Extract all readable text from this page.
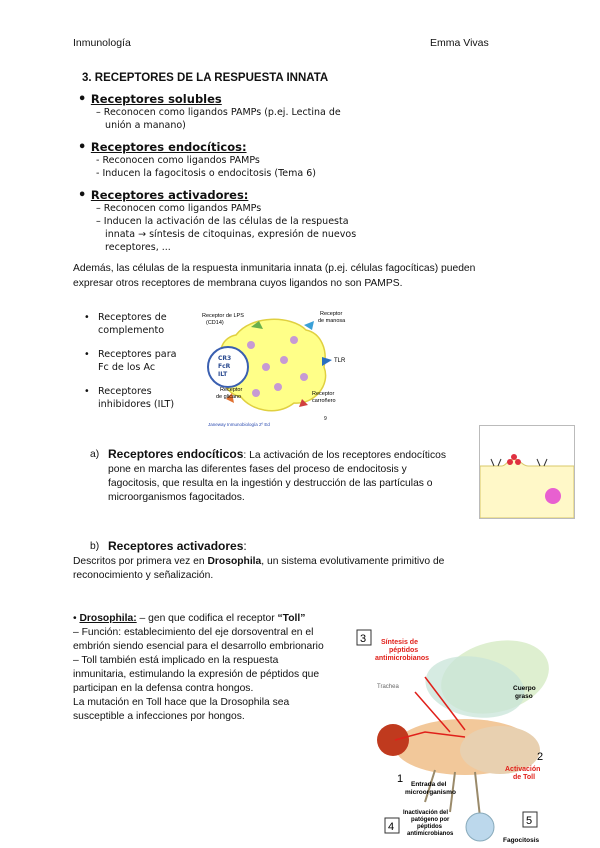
Inmunología	Emma Vivas
3. RECEPTORES DE LA RESPUESTA INNATA
• Receptores solubles
– Reconocen como ligandos PAMPs (p.ej. Lectina de
unión a manano)
• Receptores endocíticos:
- Reconocen como ligandos PAMPs
- Inducen la fagocitosis o endocitosis (Tema 6)
• Receptores activadores:
– Reconocen como ligandos PAMPs
– Inducen la activación de las células de la respuesta
innata → síntesis de citoquinas, expresión de nuevos
receptores, ...
Además, las células de la respuesta inmunitaria innata (p.ej. células fagocíticas) pueden
expresar otros receptores de membrana cuyos ligandos no son PAMPS.
• Receptores de
complemento
• Receptores para
Fc de los Ac
• Receptores
inhibidores (ILT)
Receptor de LPS
(CD14)
Receptor
de manosa
TLR
CR3
FcR
ILT
Receptor
de glicano	Receptor
carroñero
Janeway Inmunobiología 2º Ed
9
a) Receptores endocíticos: La activación de los receptores endocíticos
pone en marcha las diferentes fases del proceso de endocitosis y
fagocitosis, que resulta en la ingestión y destrucción de las partículas o
microorganismos fagocitados.
b) Receptores activadores:
Descritos por primera vez en Drosophila, un sistema evolutivamente primitivo de
reconocimiento y señalización.
• Drosophila: – gen que codifica el receptor “Toll”
– Función: establecimiento del eje dorsoventral en el
embrión siendo esencial para el desarrollo embrionario
– Toll también está implicado en la respuesta
inmunitaria, estimulando la expresión de péptidos que
participan en la defensa contra hongos.
La mutación en Toll hace que la Drosophila sea
susceptible a infecciones por hongos.
3 Síntesis de
péptidos
antimicrobianos
Trachea	Cuerpo
graso
2
Activación
de Toll
1 Entrada del
microorganismo
4
Inactivación del
patógeno por
péptidos
antimicrobianos
5
Fagocitosis
